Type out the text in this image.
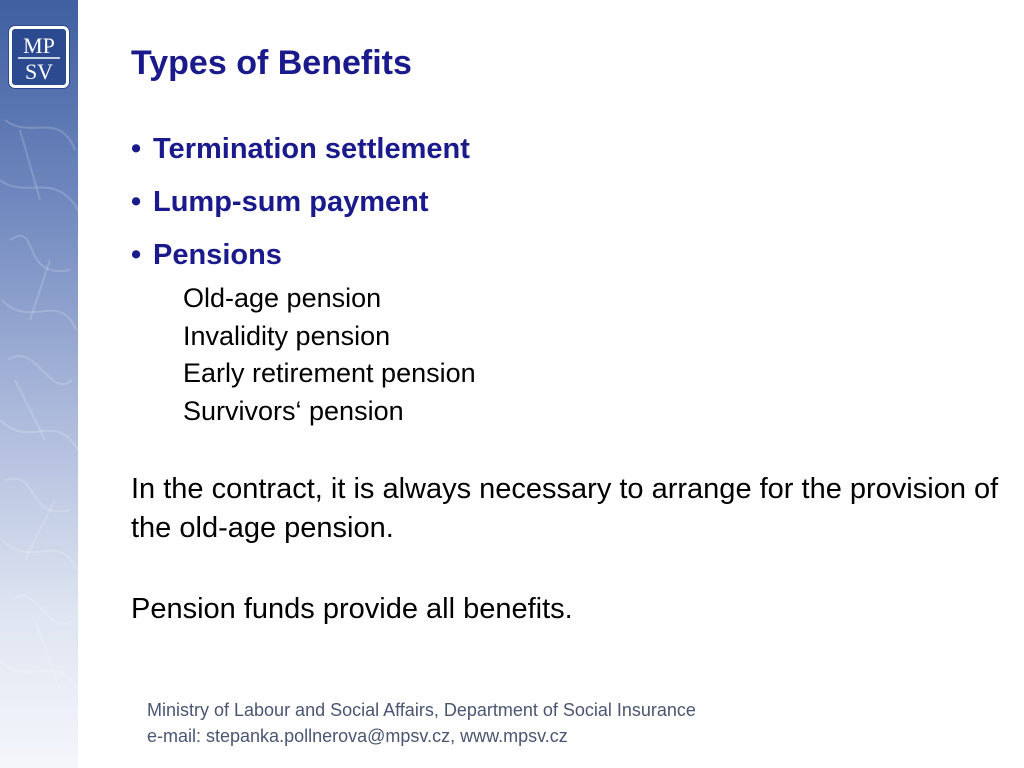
MP
SV Types of Benefits
• Termination settlement
• Lump-sum payment
• Pensions
Old-age pension
Invalidity pension
Early retirement pension
Survivors‘ pension

In the contract, it is always necessary to arrange for the provision of the old-age pension.

Pension funds provide all benefits.

Ministry of Labour and Social Affairs, Department of Social Insurance
e-mail: stepanka.pollnerova@mpsv.cz, www.mpsv.cz
